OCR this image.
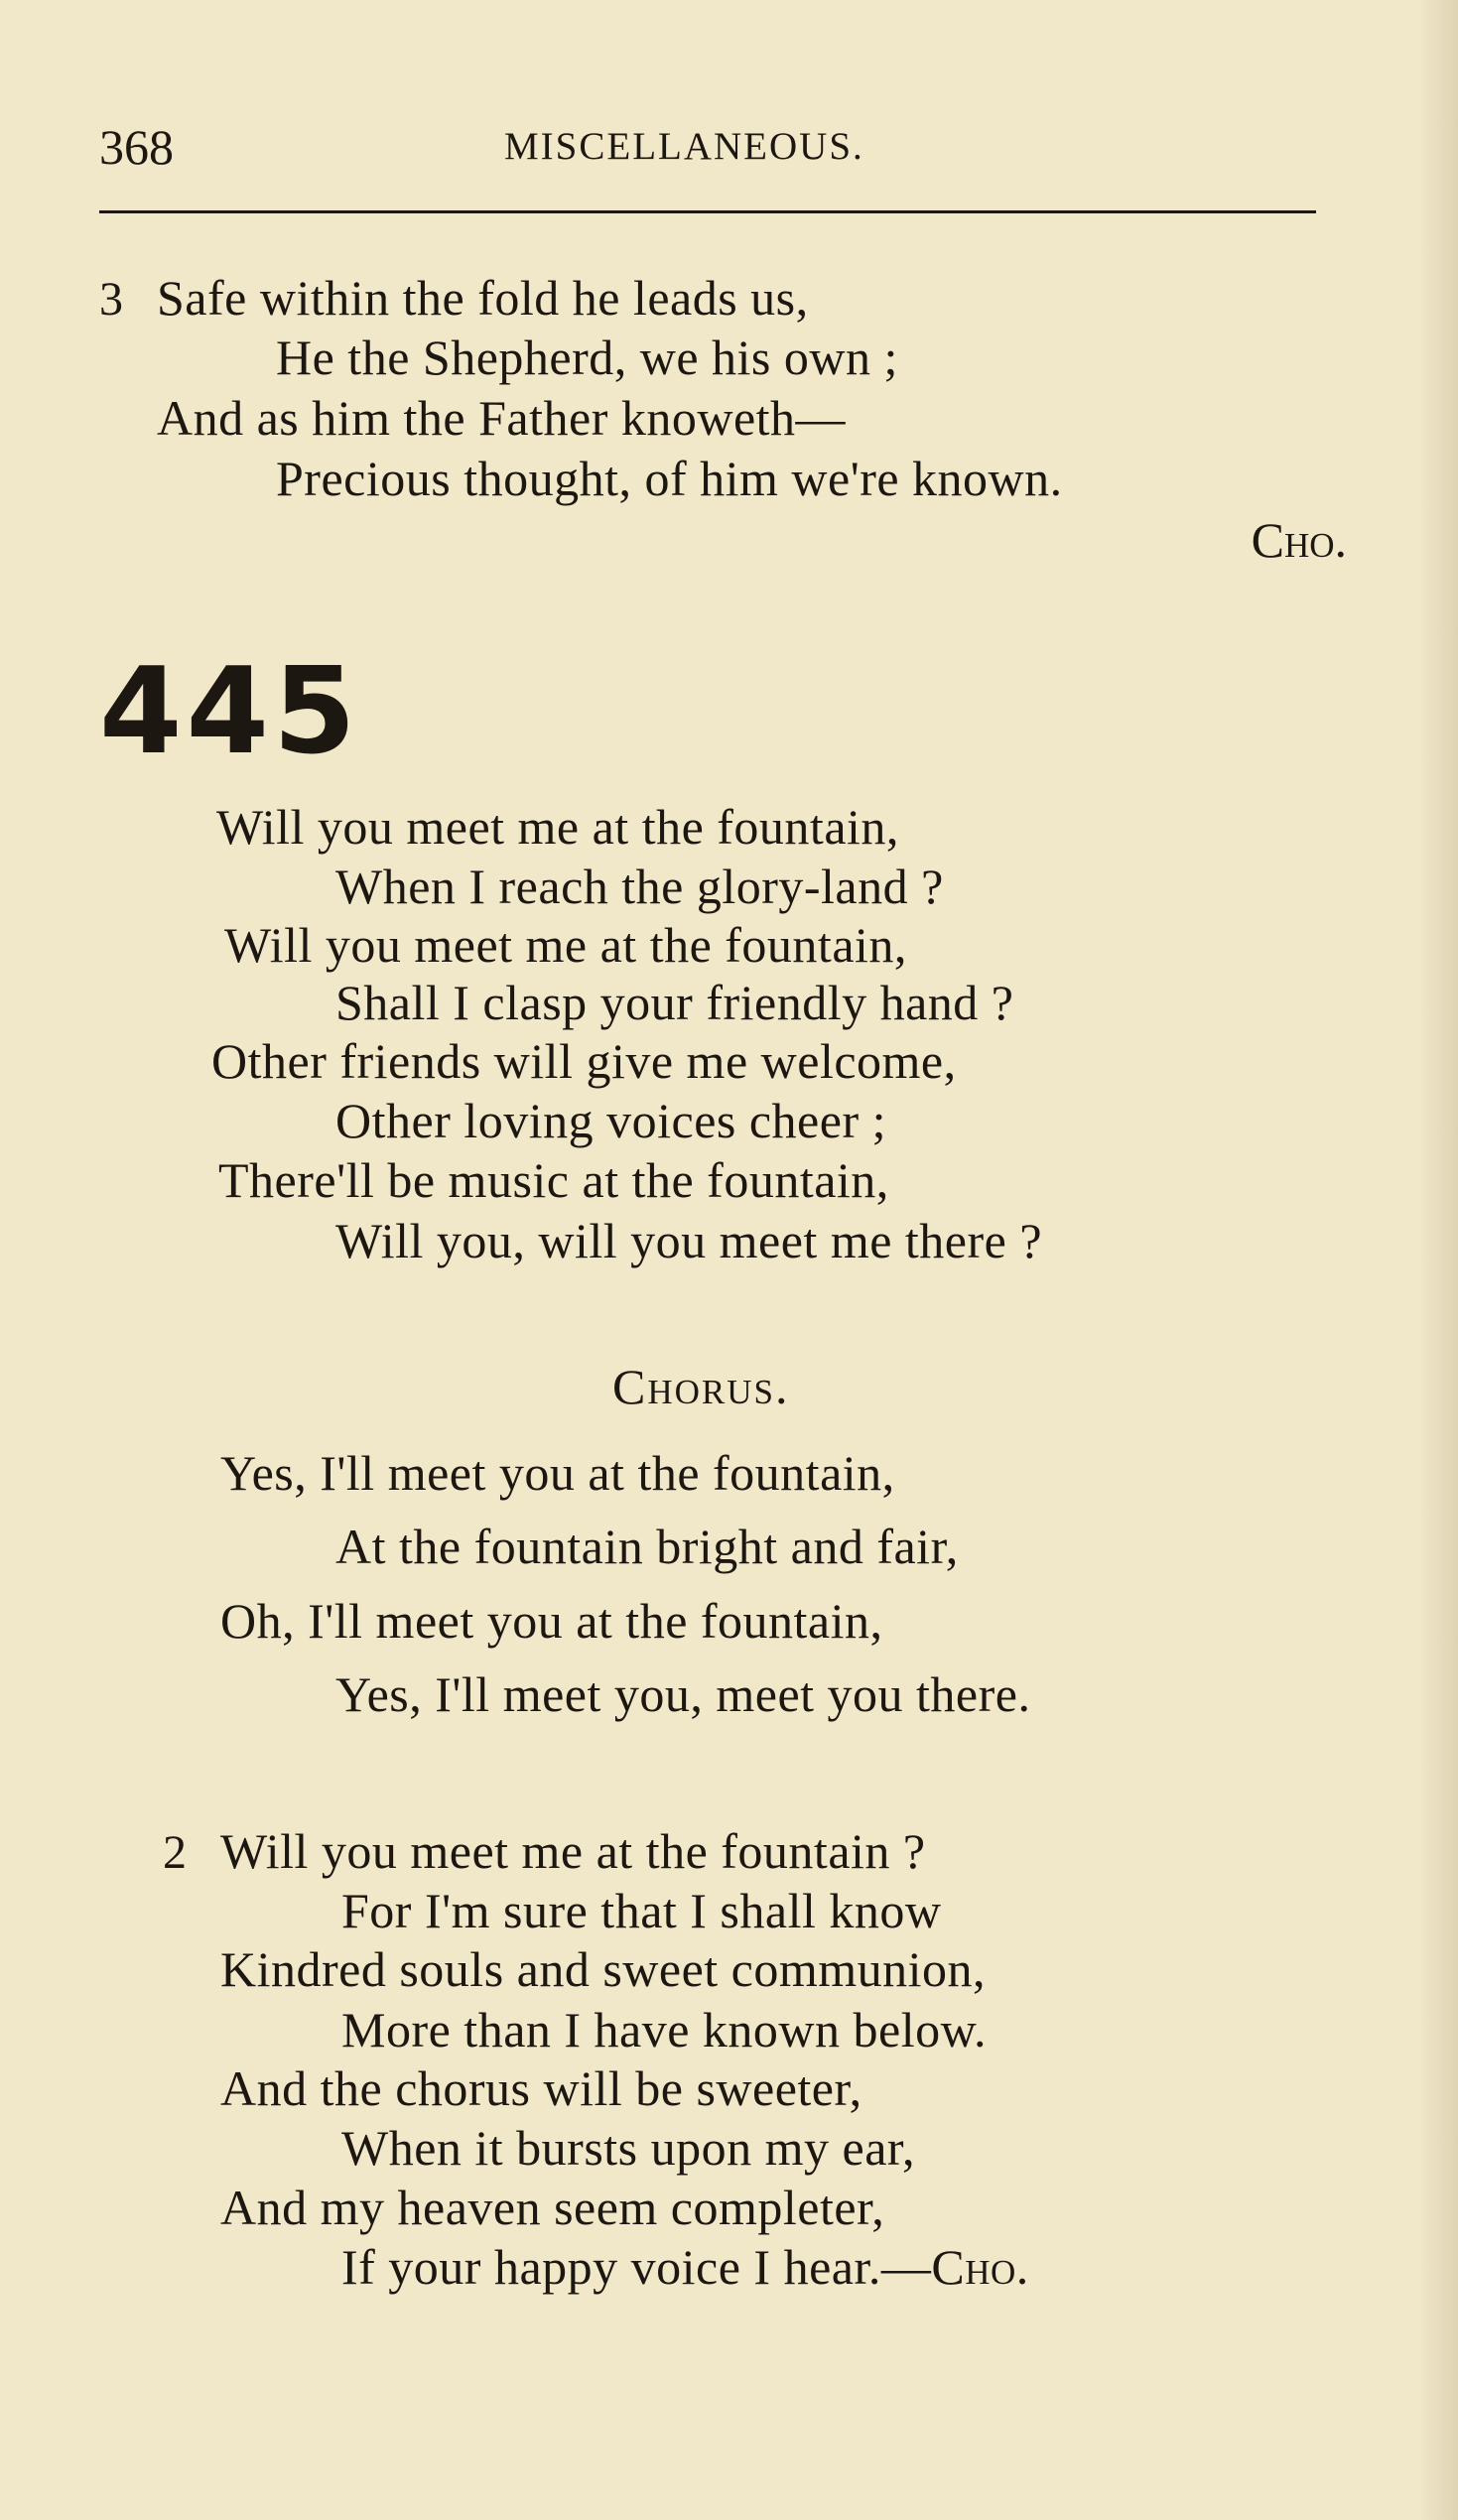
368	MISCELLANEOUS.
3 Safe within the fold he leads us,
He the Shepherd, we his own ;
And as him the Father knoweth—
Precious thought, of him we're known.
Cho.
445
Will you meet me at the fountain,
When I reach the glory-land ?
Will you meet me at the fountain,
Shall I clasp your friendly hand ?
Other friends will give me welcome,
Other loving voices cheer ;
There'll be music at the fountain,
Will you, will you meet me there ?
Chorus.
Yes, I'll meet you at the fountain,
At the fountain bright and fair,
Oh, I'll meet you at the fountain,
Yes, I'll meet you, meet you there.
2 Will you meet me at the fountain ?
For I'm sure that I shall know
Kindred souls and sweet communion,
More than I have known below.
And the chorus will be sweeter,
When it bursts upon my ear,
And my heaven seem completer,
If your happy voice I hear.—Cho.
